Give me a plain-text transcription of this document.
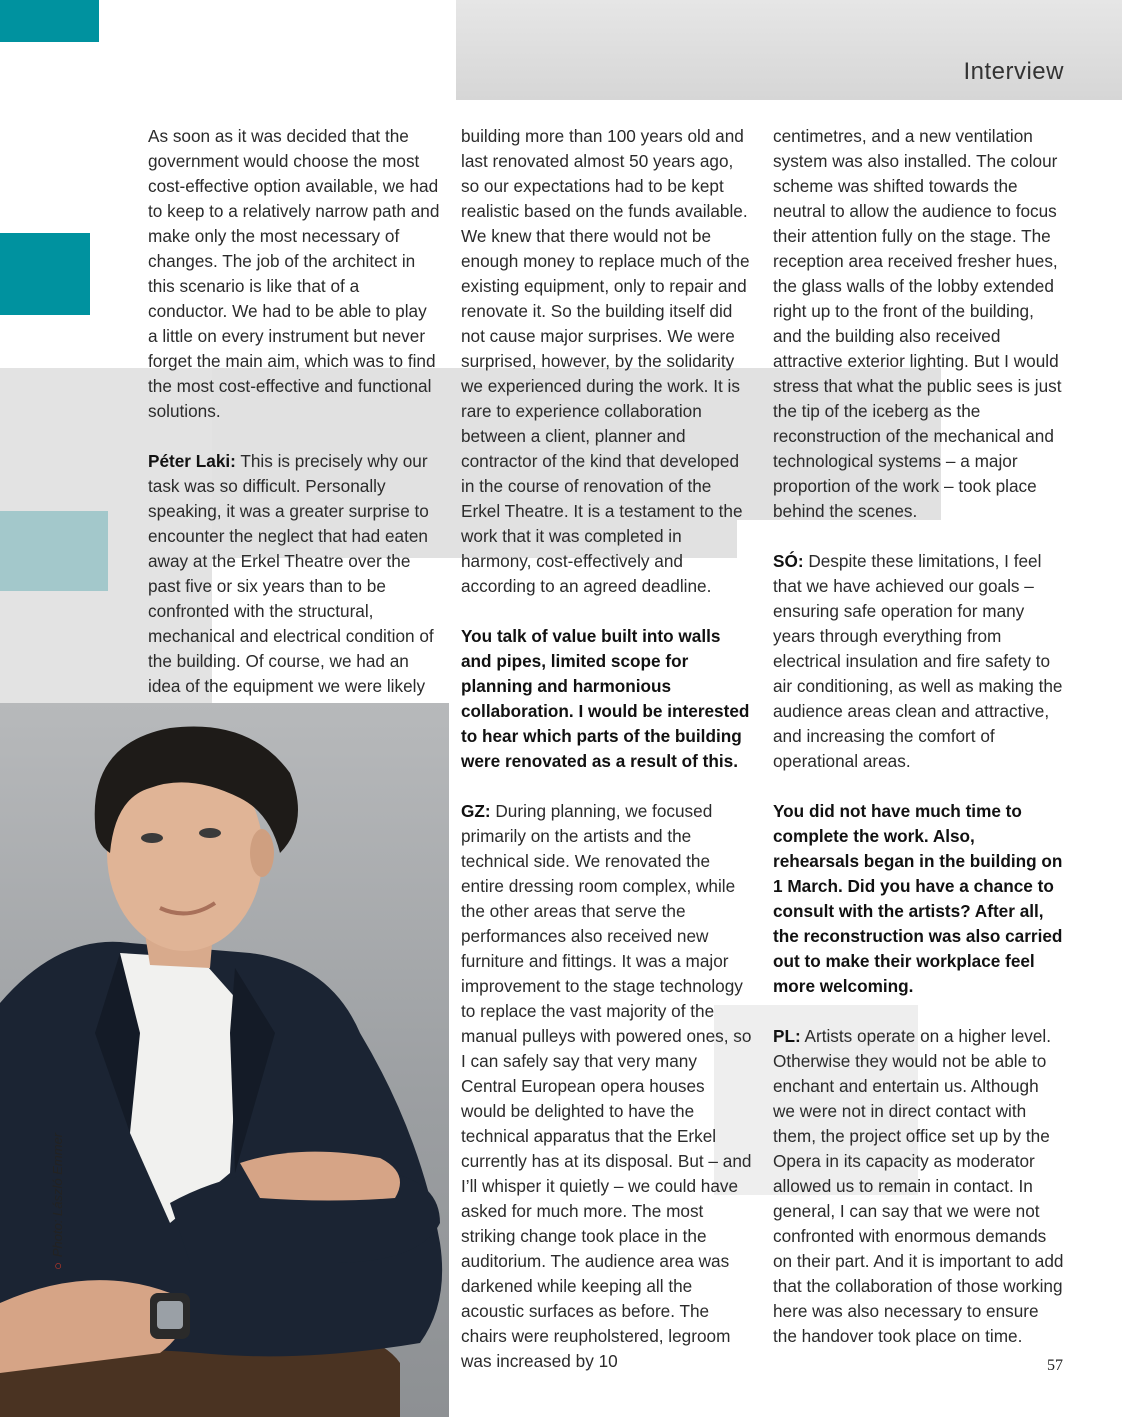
Interview

As soon as it was decided that the government would choose the most cost-effective option available, we had to keep to a relatively narrow path and make only the most necessary of changes. The job of the architect in this scenario is like that of a conductor. We had to be able to play a little on every instrument but never forget the main aim, which was to find the most cost-effective and functional solutions.

Péter Laki: This is precisely why our task was so difficult. Personally speaking, it was a greater surprise to encounter the neglect that had eaten away at the Erkel Theatre over the past five or six years than to be confronted with the structural, mechanical and electrical condition of the building. Of course, we had an idea of the equipment we were likely

building more than 100 years old and last renovated almost 50 years ago, so our expectations had to be kept realistic based on the funds available. We knew that there would not be enough money to replace much of the existing equipment, only to repair and renovate it. So the building itself did not cause major surprises. We were surprised, however, by the solidarity we experienced during the work. It is rare to experience collaboration between a client, planner and contractor of the kind that developed in the course of renovation of the Erkel Theatre. It is a testament to the work that it was completed in harmony, cost-effectively and according to an agreed deadline.

You talk of value built into walls and pipes, limited scope for planning and harmonious collaboration. I would be interested to hear which parts of the building were renovated as a result of this.

GZ: During planning, we focused primarily on the artists and the technical side. We renovated the entire dressing room complex, while the other areas that serve the performances also received new furniture and fittings. It was a major improvement to the stage technology to replace the vast majority of the manual pulleys with powered ones, so I can safely say that very many Central European opera houses would be delighted to have the technical apparatus that the Erkel currently has at its disposal. But – and I’ll whisper it quietly – we could have asked for much more. The most striking change took place in the auditorium. The audience area was darkened while keeping all the acoustic surfaces as before. The chairs were reupholstered, legroom was increased by 10

centimetres, and a new ventilation system was also installed. The colour scheme was shifted towards the neutral to allow the audience to focus their attention fully on the stage. The reception area received fresher hues, the glass walls of the lobby extended right up to the front of the building, and the building also received attractive exterior lighting. But I would stress that what the public sees is just the tip of the iceberg as the reconstruction of the mechanical and technological systems – a major proportion of the work – took place behind the scenes.

SÓ: Despite these limitations, I feel that we have achieved our goals – ensuring safe operation for many years through everything from electrical insulation and fire safety to air conditioning, as well as making the audience areas clean and attractive, and increasing the comfort of operational areas.

You did not have much time to complete the work. Also, rehearsals began in the building on 1 March. Did you have a chance to consult with the artists? After all, the reconstruction was also carried out to make their workplace feel more welcoming.

PL: Artists operate on a higher level. Otherwise they would not be able to enchant and entertain us. Although we were not in direct contact with them, the project office set up by the Opera in its capacity as moderator allowed us to remain in contact. In general, I can say that we were not confronted with enormous demands on their part. And it is important to add that the collaboration of those working here was also necessary to ensure the handover took place on time.

○Photo: László Emmer
57
